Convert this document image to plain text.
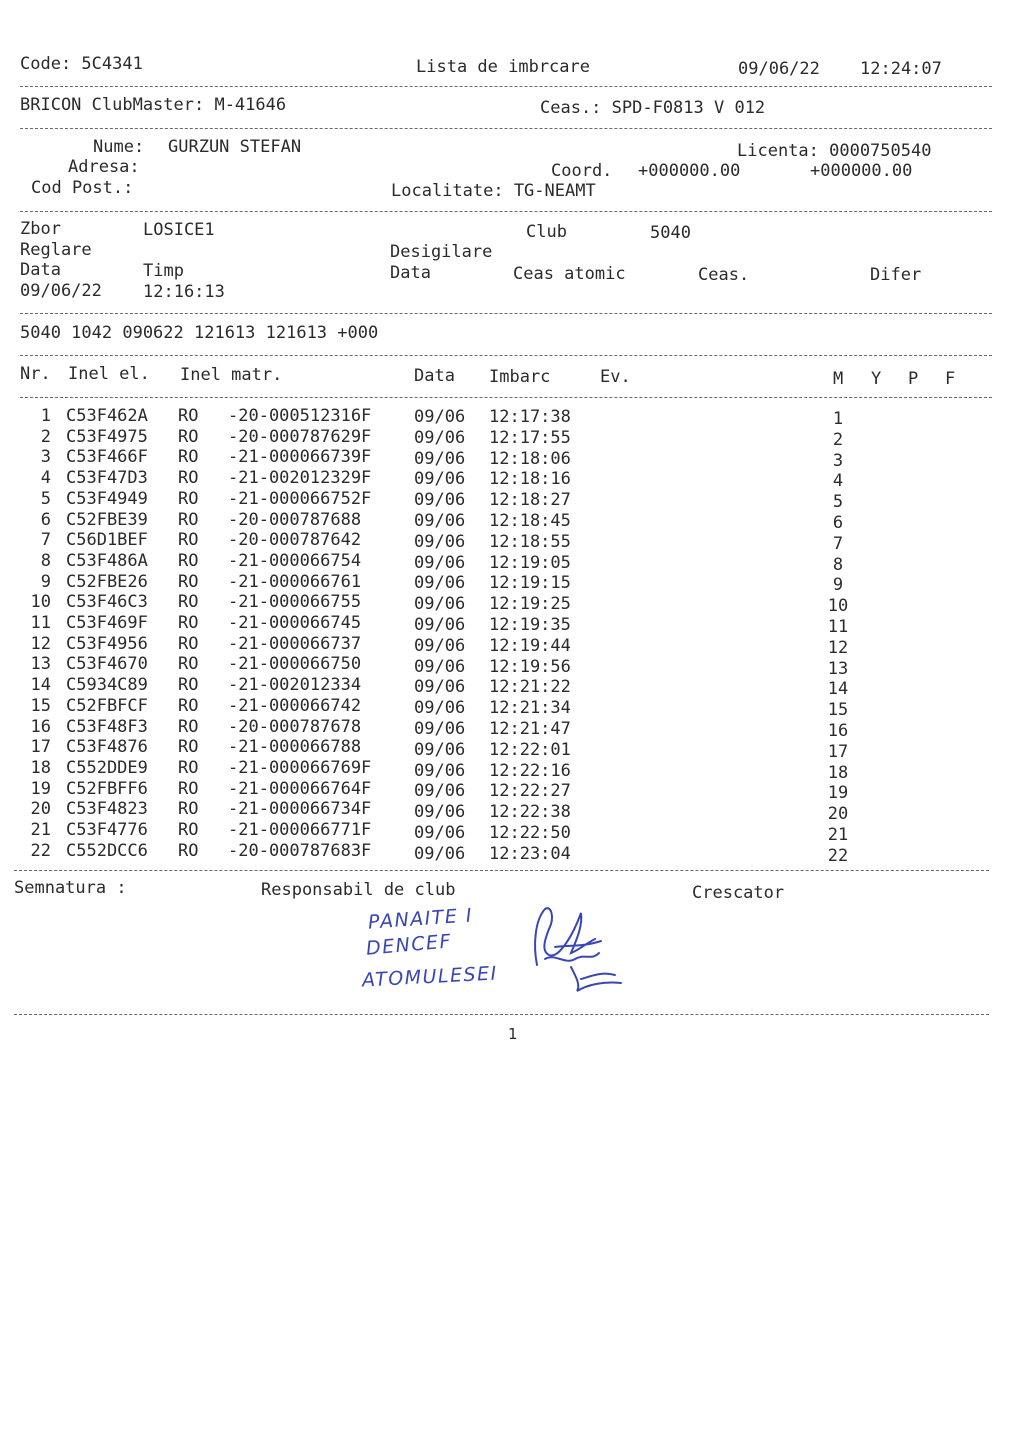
Code: 5C4341	Lista de imbrcare	09/06/22 12:24:07
BRICON ClubMaster: M-41646	Ceas.: SPD-F0813 V 012
Nume: GURZUN STEFAN	Licenta: 0000750540
Adresa:	Coord. +000000.00	+000000.00
Cod Post.:	Localitate: TG-NEAMT
Zbor	LOSICE1	Club	5040
Reglare	Desigilare
Data	Timp	Data	Ceas atomic	Ceas.	Difer
09/06/22 12:16:13
5040 1042 090622 121613 121613 +000
Nr. Inel el. Inel matr.	Data Imbarc	Ev.	M Y P F
1 C53F462A RO -20-000512316F	09/06 12:17:38	1
2 C53F4975 RO -20-000787629F	09/06 12:17:55	2
3 C53F466F RO -21-000066739F	09/06 12:18:06	3
4 C53F47D3 RO -21-002012329F	09/06 12:18:16	4
5 C53F4949 RO -21-000066752F	09/06 12:18:27	5
6 C52FBE39 RO -20-000787688	09/06 12:18:45	6
7 C56D1BEF RO -20-000787642	09/06 12:18:55	7
8 C53F486A RO -21-000066754	09/06 12:19:05	8
9 C52FBE26 RO -21-000066761	09/06 12:19:15	9
10 C53F46C3 RO -21-000066755	09/06 12:19:25	10
11 C53F469F RO -21-000066745	09/06 12:19:35	11
12 C53F4956 RO -21-000066737	09/06 12:19:44	12
13 C53F4670 RO -21-000066750	09/06 12:19:56	13
14 C5934C89 RO -21-002012334	09/06 12:21:22	14
15 C52FBFCF RO -21-000066742	09/06 12:21:34	15
16 C53F48F3 RO -20-000787678	09/06 12:21:47	16
17 C53F4876 RO -21-000066788	09/06 12:22:01	17
18 C552DDE9 RO -21-000066769F	09/06 12:22:16	18
19 C52FBFF6 RO -21-000066764F	09/06 12:22:27	19
20 C53F4823 RO -21-000066734F	09/06 12:22:38	20
21 C53F4776 RO -21-000066771F	09/06 12:22:50	21
22 C552DCC6 RO -20-000787683F	09/06 12:23:04	22
Semnatura :	Responsabil de club	Crescator
PANAITE I
DENCEF
ATOMULESEI
1
